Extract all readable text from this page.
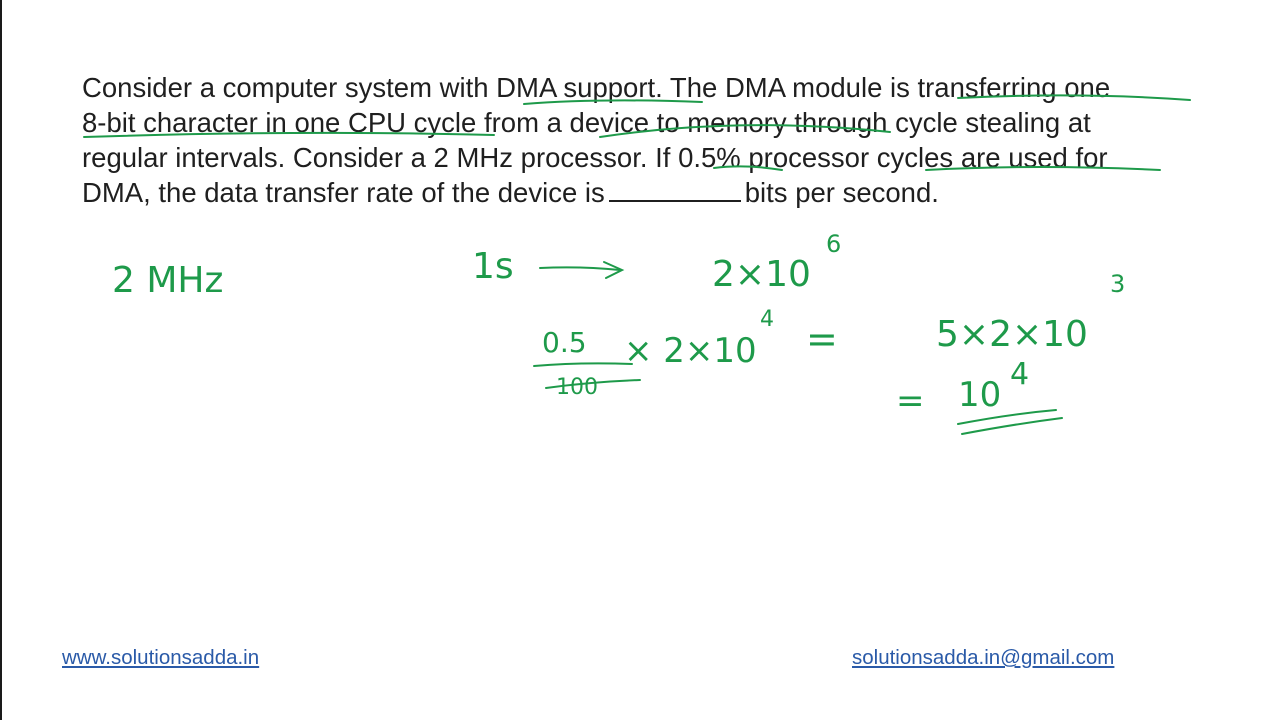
Consider a computer system with DMA support. The DMA module is transferring one
8-bit character in one CPU cycle from a device to memory through cycle stealing at
regular intervals. Consider a 2 MHz processor. If 0.5% processor cycles are used for
DMA, the data transfer rate of the device is	bits per second.
2 MHz	1s	2×10
6
0.5
100
× 2×10
4 =	5×2×10
3
= 10
4
www.solutionsadda.in	solutionsadda.in@gmail.com
